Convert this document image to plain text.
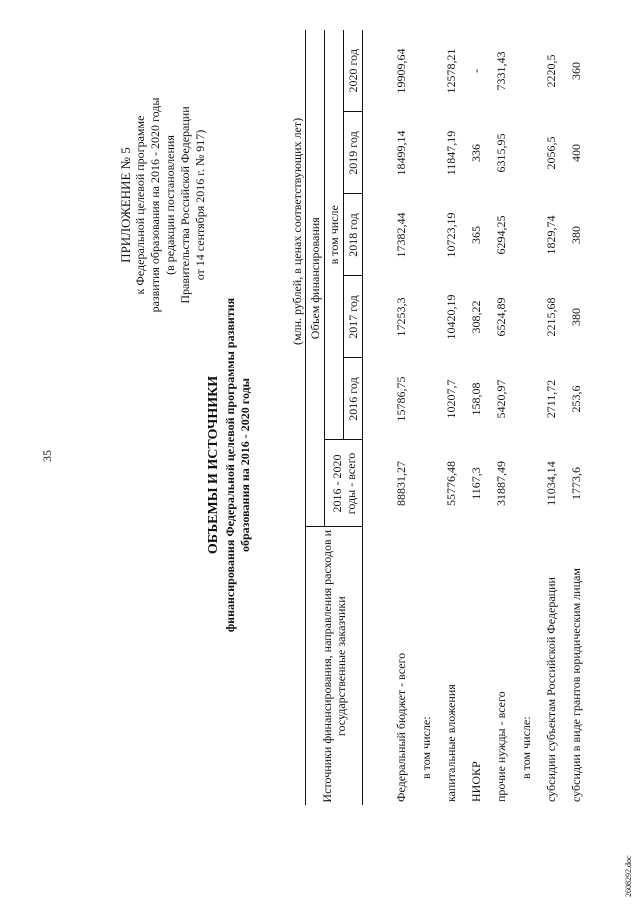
35
ПРИЛОЖЕНИЕ № 5 к Федеральной целевой программе развития образования на 2016 - 2020 годы (в редакции постановления Правительства Российской Федерации от 14 сентября 2016 г. № 917)
ОБЪЕМЫ И ИСТОЧНИКИ финансирования Федеральной целевой программы развития образования на 2016 - 2020 годы
(млн. рублей, в ценах соответствующих лет)
Источники финансирования, направления расходов и государственные заказчики	Объем финансирования					
	2016 - 2020
годы - всего					
		в том числе				
		2016 год	2017 год	2018 год	2019 год	2020 год

Федеральный бюджет - всего	88831,27	15786,75	17253,3	17382,44	18499,14	19909,64
в том числе:						
капитальные вложения	55776,48	10207,7	10420,19	10723,19	11847,19	12578,21
НИОКР	1167,3	158,08	308,22	365	336	-
прочие нужды - всего	31887,49	5420,97	6524,89	6294,25	6315,95	7331,43
в том числе:						
субсидии субъектам Российской Федерации	11034,14	2711,72	2215,68	1829,74	2056,5	2220,5
субсидии в виде грантов юридическим лицам	1773,6	253,6	380	380	400	360
2608292.doc
